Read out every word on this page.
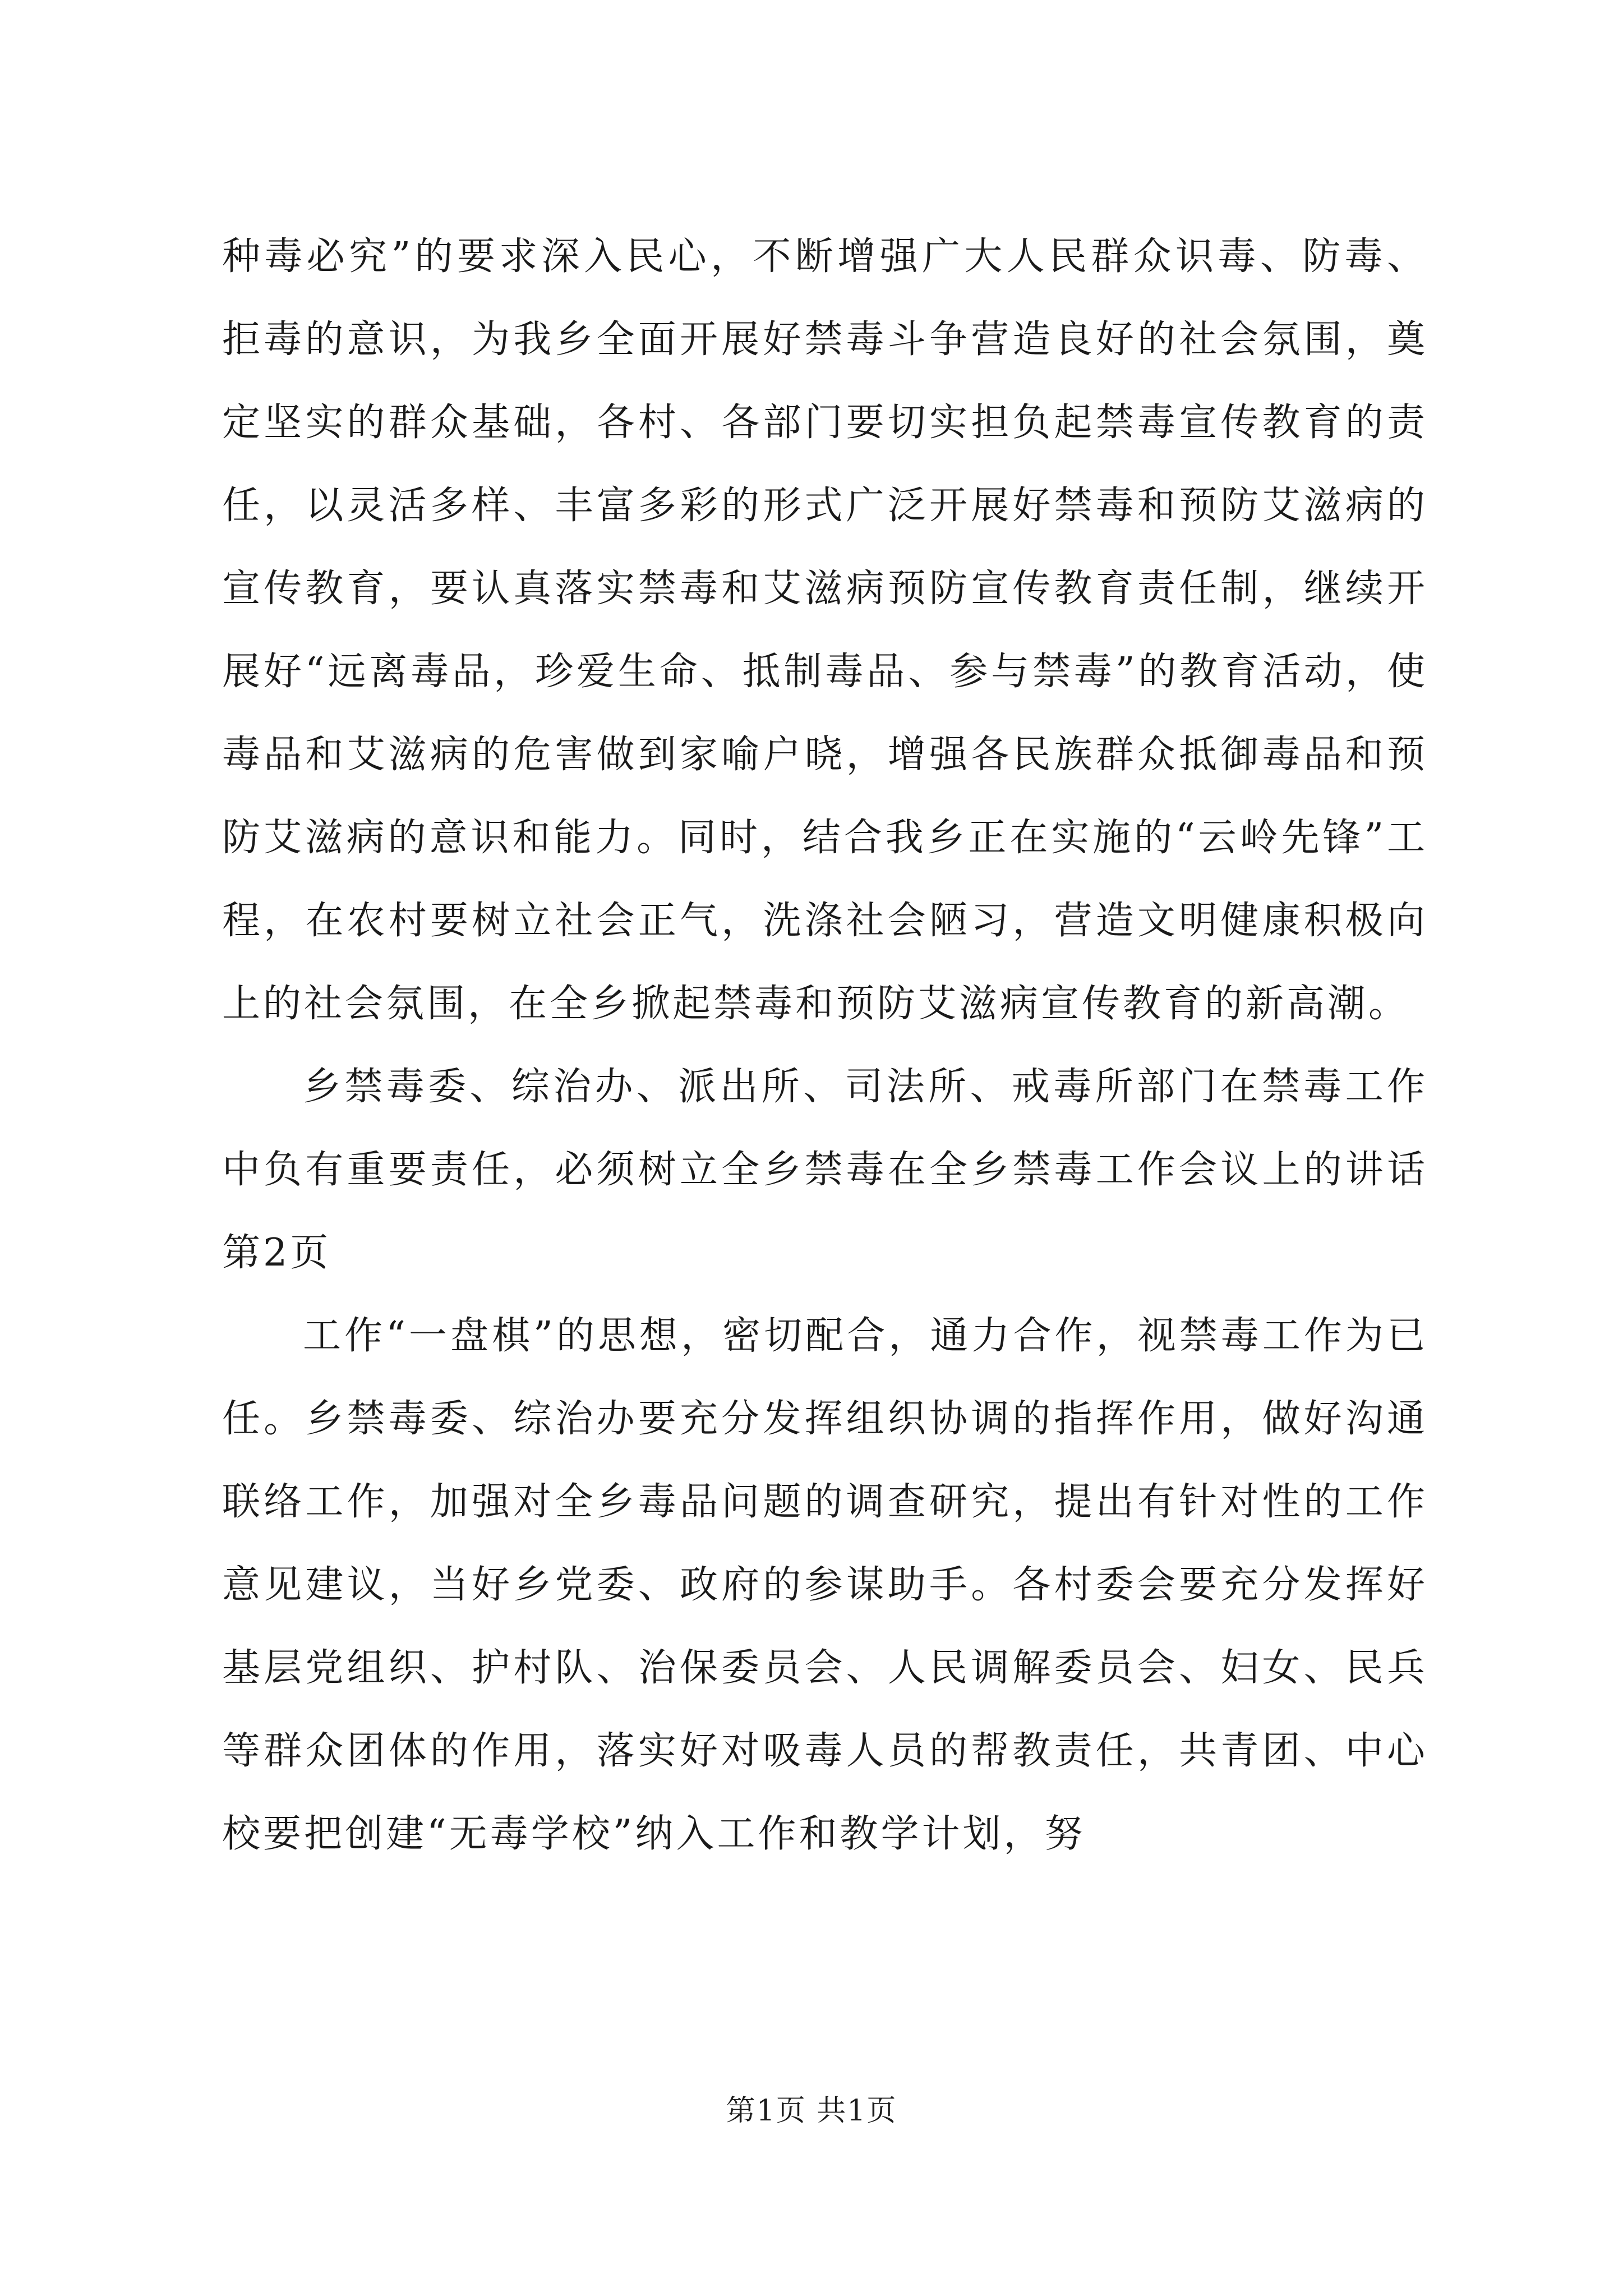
种毒必究”的要求深入民心，不断增强广大人民群众识毒、防毒、拒毒的意识，为我乡全面开展好禁毒斗争营造良好的社会氛围，奠定坚实的群众基础，各村、各部门要切实担负起禁毒宣传教育的责任，以灵活多样、丰富多彩的形式广泛开展好禁毒和预防艾滋病的宣传教育，要认真落实禁毒和艾滋病预防宣传教育责任制，继续开展好“远离毒品，珍爱生命、抵制毒品、参与禁毒”的教育活动，使毒品和艾滋病的危害做到家喻户晓，增强各民族群众抵御毒品和预防艾滋病的意识和能力。同时，结合我乡正在实施的“云岭先锋”工程，在农村要树立社会正气，洗涤社会陋习，营造文明健康积极向上的社会氛围，在全乡掀起禁毒和预防艾滋病宣传教育的新高潮。

乡禁毒委、综治办、派出所、司法所、戒毒所部门在禁毒工作中负有重要责任，必须树立全乡禁毒在全乡禁毒工作会议上的讲话第2页

工作“一盘棋”的思想，密切配合，通力合作，视禁毒工作为已任。乡禁毒委、综治办要充分发挥组织协调的指挥作用，做好沟通联络工作，加强对全乡毒品问题的调查研究，提出有针对性的工作意见建议，当好乡党委、政府的参谋助手。各村委会要充分发挥好基层党组织、护村队、治保委员会、人民调解委员会、妇女、民兵等群众团体的作用，落实好对吸毒人员的帮教责任，共青团、中心校要把创建“无毒学校”纳入工作和教学计划，努

第1页 共1页
